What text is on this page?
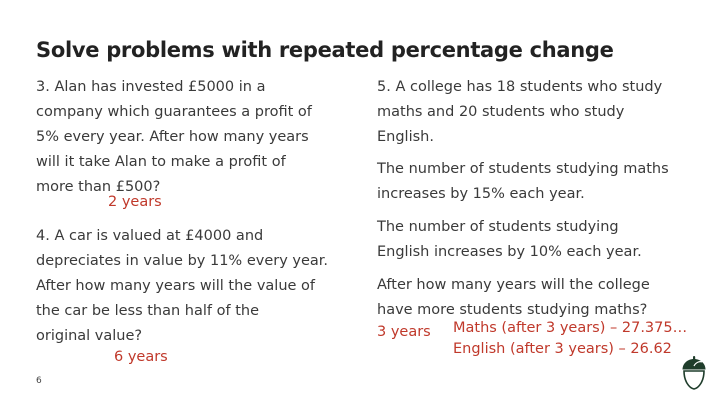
Solve problems with repeated percentage change
3. Alan has invested £5000 in a
company which guarantees a profit of
5% every year. After how many years
will it take Alan to make a profit of
more than £500?
2 years
4. A car is valued at £4000 and
depreciates in value by 11% every year.
After how many years will the value of
the car be less than half of the
original value?
6 years
5. A college has 18 students who study
maths and 20 students who study
English.
The number of students studying maths
increases by 15% each year.
The number of students studying
English increases by 10% each year.
After how many years will the college
have more students studying maths?
3 years Maths (after 3 years) – 27.375…
English (after 3 years) – 26.62
6
